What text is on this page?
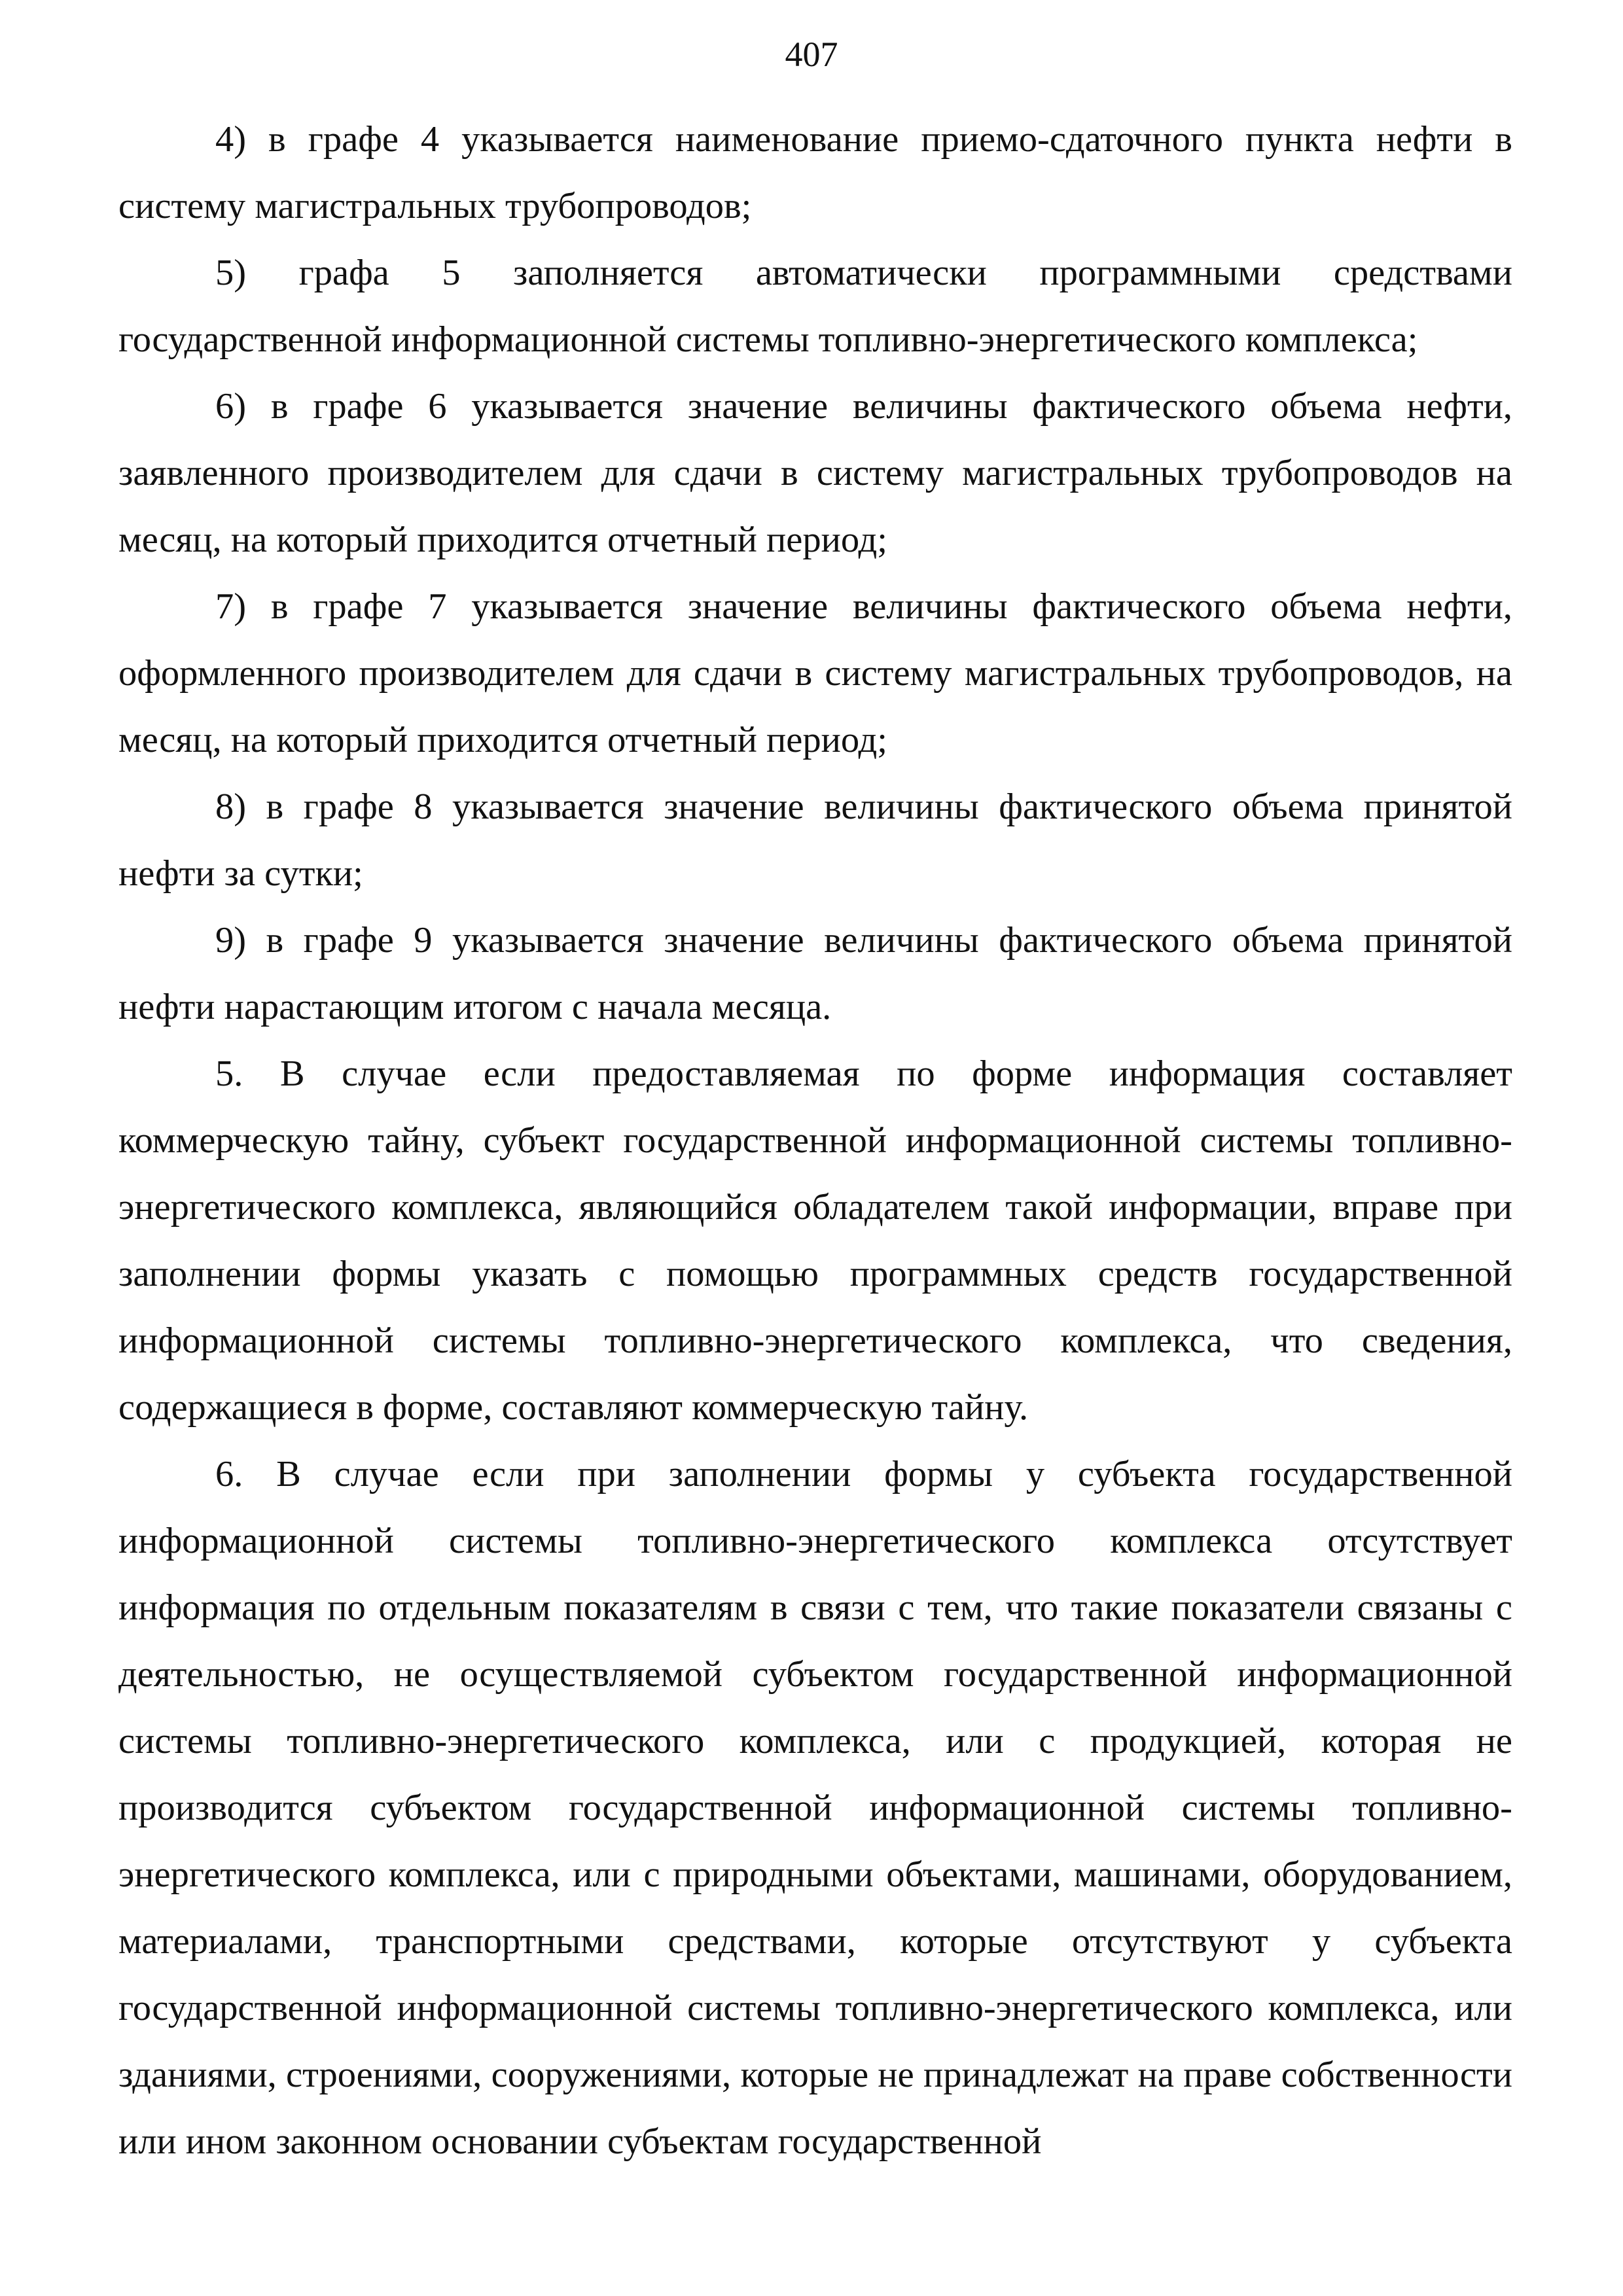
407

4) в графе 4 указывается наименование приемо-сдаточного пункта нефти в систему магистральных трубопроводов;

5) графа 5 заполняется автоматически программными средствами государственной информационной системы топливно-энергетического комплекса;

6) в графе 6 указывается значение величины фактического объема нефти, заявленного производителем для сдачи в систему магистральных трубопроводов на месяц, на который приходится отчетный период;

7) в графе 7 указывается значение величины фактического объема нефти, оформленного производителем для сдачи в систему магистральных трубопроводов, на месяц, на который приходится отчетный период;

8) в графе 8 указывается значение величины фактического объема принятой нефти за сутки;

9) в графе 9 указывается значение величины фактического объема принятой нефти нарастающим итогом с начала месяца.

5. В случае если предоставляемая по форме информация составляет коммерческую тайну, субъект государственной информационной системы топливно-энергетического комплекса, являющийся обладателем такой информации, вправе при заполнении формы указать с помощью программных средств государственной информационной системы топливно-энергетического комплекса, что сведения, содержащиеся в форме, составляют коммерческую тайну.

6. В случае если при заполнении формы у субъекта государственной информационной системы топливно-энергетического комплекса отсутствует информация по отдельным показателям в связи с тем, что такие показатели связаны с деятельностью, не осуществляемой субъектом государственной информационной системы топливно-энергетического комплекса, или с продукцией, которая не производится субъектом государственной информационной системы топливно-энергетического комплекса, или с природными объектами, машинами, оборудованием, материалами, транспортными средствами, которые отсутствуют у субъекта государственной информационной системы топливно-энергетического комплекса, или зданиями, строениями, сооружениями, которые не принадлежат на праве собственности или ином законном основании субъектам государственной
